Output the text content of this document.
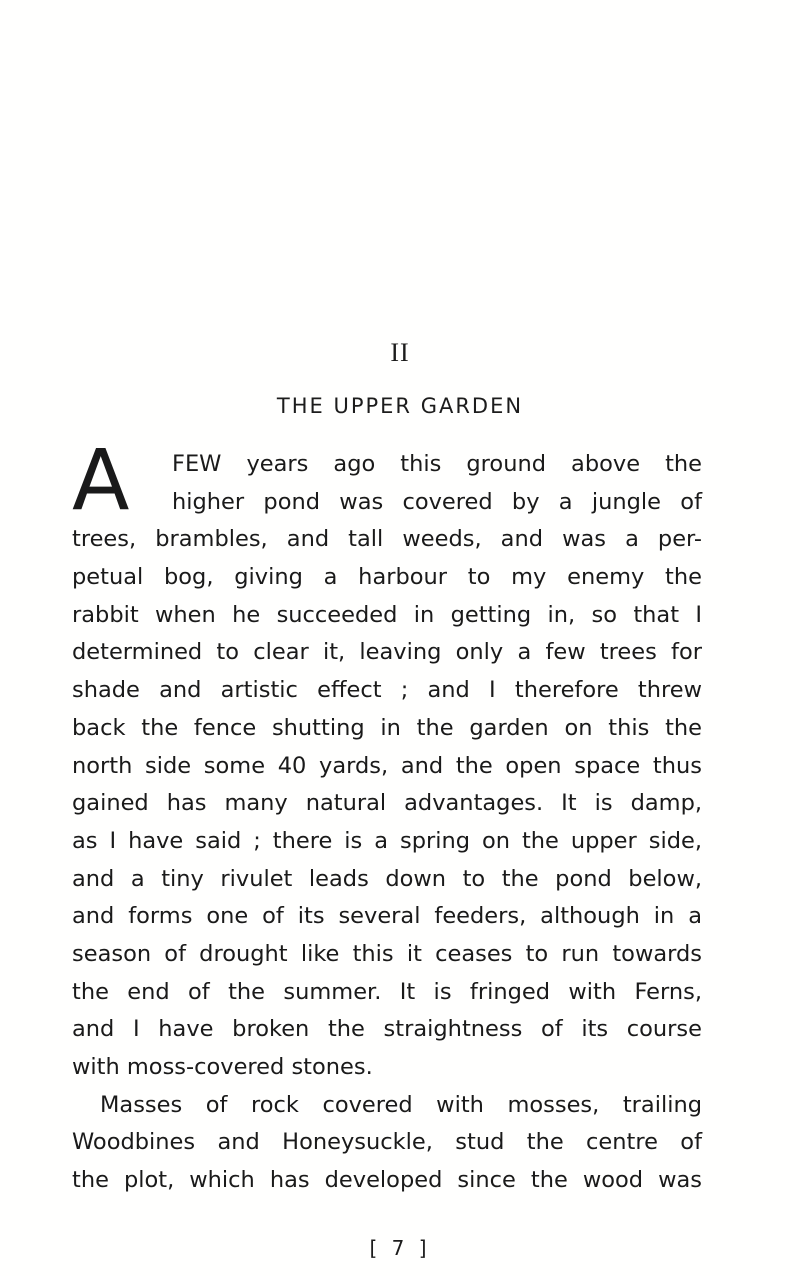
II
THE UPPER GARDEN
A	FEW years ago this ground above the
higher pond was covered by a jungle of
trees, brambles, and tall weeds, and was a per-
petual bog, giving a harbour to my enemy the
rabbit when he succeeded in getting in, so that I
determined to clear it, leaving only a few trees for
shade and artistic effect ; and I therefore threw
back the fence shutting in the garden on this the
north side some 40 yards, and the open space thus
gained has many natural advantages. It is damp,
as I have said ; there is a spring on the upper side,
and a tiny rivulet leads down to the pond below,
and forms one of its several feeders, although in a
season of drought like this it ceases to run towards
the end of the summer. It is fringed with Ferns,
and I have broken the straightness of its course
with moss-covered stones.
Masses of rock covered with mosses, trailing
Woodbines and Honeysuckle, stud the centre of
the plot, which has developed since the wood was
[ 7 ]
